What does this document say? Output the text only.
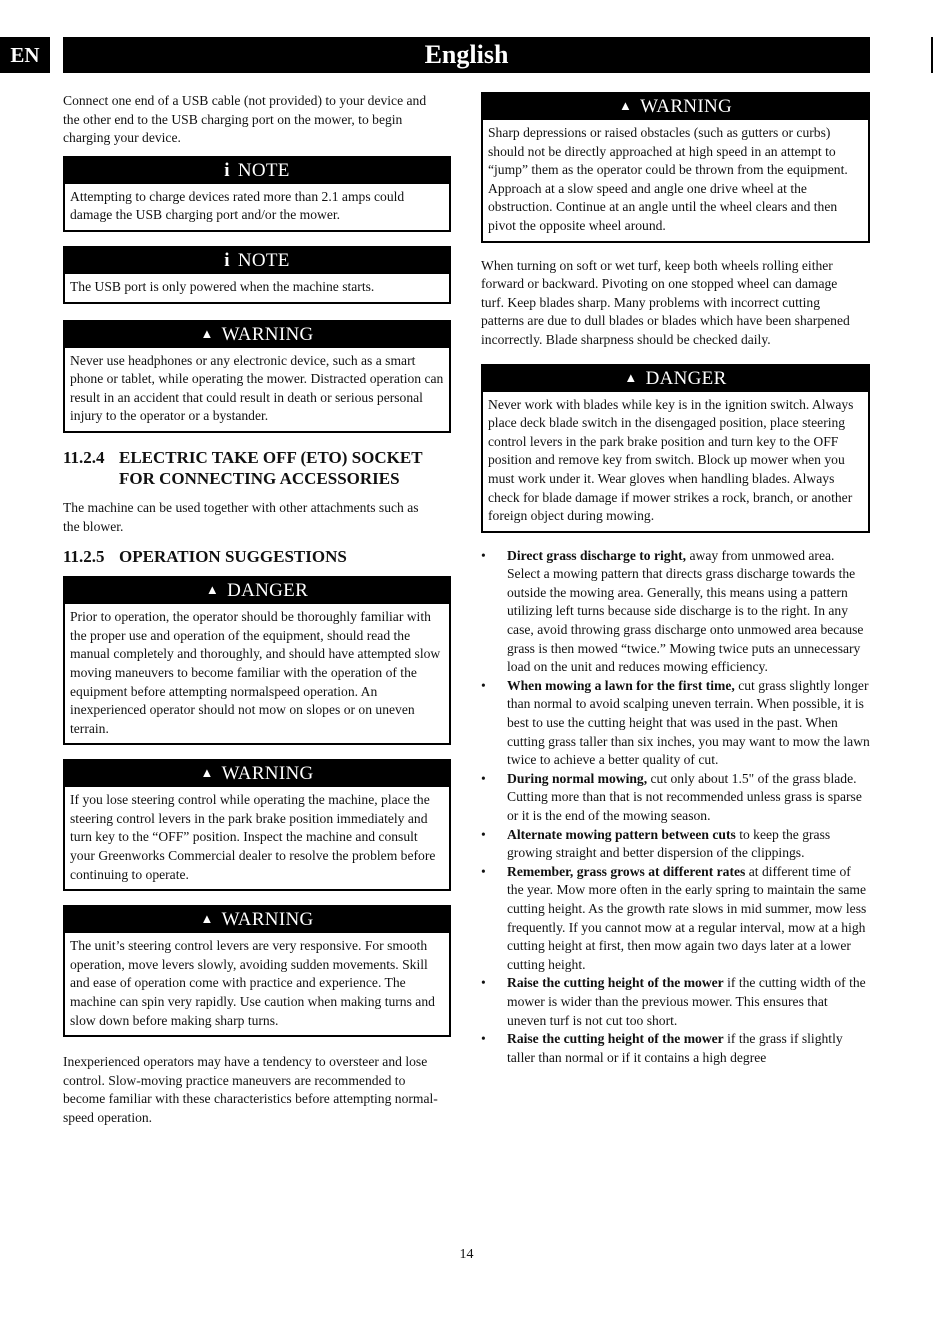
EN	English

Connect one end of a USB cable (not provided) to your device and the other end to the USB charging port on the mower, to begin charging your device.

i NOTE
Attempting to charge devices rated more than 2.1 amps could damage the USB charging port and/or the mower.
i NOTE
The USB port is only powered when the machine starts.
▲ WARNING
Never use headphones or any electronic device, such as a smart phone or tablet, while operating the mower. Distracted operation can result in an accident that could result in death or serious personal injury to the operator or a bystander.
11.2.4 ELECTRIC TAKE OFF (ETO) SOCKET FOR CONNECTING ACCESSORIES

The machine can be used together with other attachments such as the blower.

11.2.5 OPERATION SUGGESTIONS
▲ DANGER
Prior to operation, the operator should be thoroughly familiar with the proper use and operation of the equipment, should read the manual completely and thoroughly, and should have attempted slow moving maneuvers to become familiar with the operation of the equipment before attempting normalspeed operation. An inexperienced operator should not mow on slopes or on uneven terrain.
▲ WARNING
If you lose steering control while operating the machine, place the steering control levers in the park brake position immediately and turn key to the “OFF” position. Inspect the machine and consult your Greenworks Commercial dealer to resolve the problem before continuing to operate.
▲ WARNING
The unit’s steering control levers are very responsive. For smooth operation, move levers slowly, avoiding sudden movements. Skill and ease of operation come with practice and experience. The machine can spin very rapidly. Use caution when making turns and slow down before making sharp turns.

Inexperienced operators may have a tendency to oversteer and lose control. Slow-moving practice maneuvers are recommended to become familiar with these characteristics before attempting normal-speed operation.

▲ WARNING
Sharp depressions or raised obstacles (such as gutters or curbs) should not be directly approached at high speed in an attempt to “jump” them as the operator could be thrown from the equipment. Approach at a slow speed and angle one drive wheel at the obstruction. Continue at an angle until the wheel clears and then pivot the opposite wheel around.

When turning on soft or wet turf, keep both wheels rolling either forward or backward. Pivoting on one stopped wheel can damage turf. Keep blades sharp. Many problems with incorrect cutting patterns are due to dull blades or blades which have been sharpened incorrectly. Blade sharpness should be checked daily.

▲ DANGER
Never work with blades while key is in the ignition switch. Always place deck blade switch in the disengaged position, place steering control levers in the park brake position and turn key to the OFF position and remove key from switch. Block up mower when you must work under it. Wear gloves when handling blades. Always check for blade damage if mower strikes a rock, branch, or another foreign object during mowing.
• Direct grass discharge to right, away from unmowed area. Select a mowing pattern that directs grass discharge towards the outside the mowing area. Generally, this means using a pattern utilizing left turns because side discharge is to the right. In any case, avoid throwing grass discharge onto unmowed area because grass is then mowed “twice.” Mowing twice puts an unnecessary load on the unit and reduces mowing efficiency.
• When mowing a lawn for the first time, cut grass slightly longer than normal to avoid scalping uneven terrain. When possible, it is best to use the cutting height that was used in the past. When cutting grass taller than six inches, you may want to mow the lawn twice to achieve a better quality of cut.
• During normal mowing, cut only about 1.5" of the grass blade. Cutting more than that is not recommended unless grass is sparse or it is the end of the mowing season.
• Alternate mowing pattern between cuts to keep the grass growing straight and better dispersion of the clippings.
• Remember, grass grows at different rates at different time of the year. Mow more often in the early spring to maintain the same cutting height. As the growth rate slows in mid summer, mow less frequently. If you cannot mow at a regular interval, mow at a high cutting height at first, then mow again two days later at a lower cutting height.
• Raise the cutting height of the mower if the cutting width of the mower is wider than the previous mower. This ensures that uneven turf is not cut too short.
• Raise the cutting height of the mower if the grass if slightly taller than normal or if it contains a high degree
14
